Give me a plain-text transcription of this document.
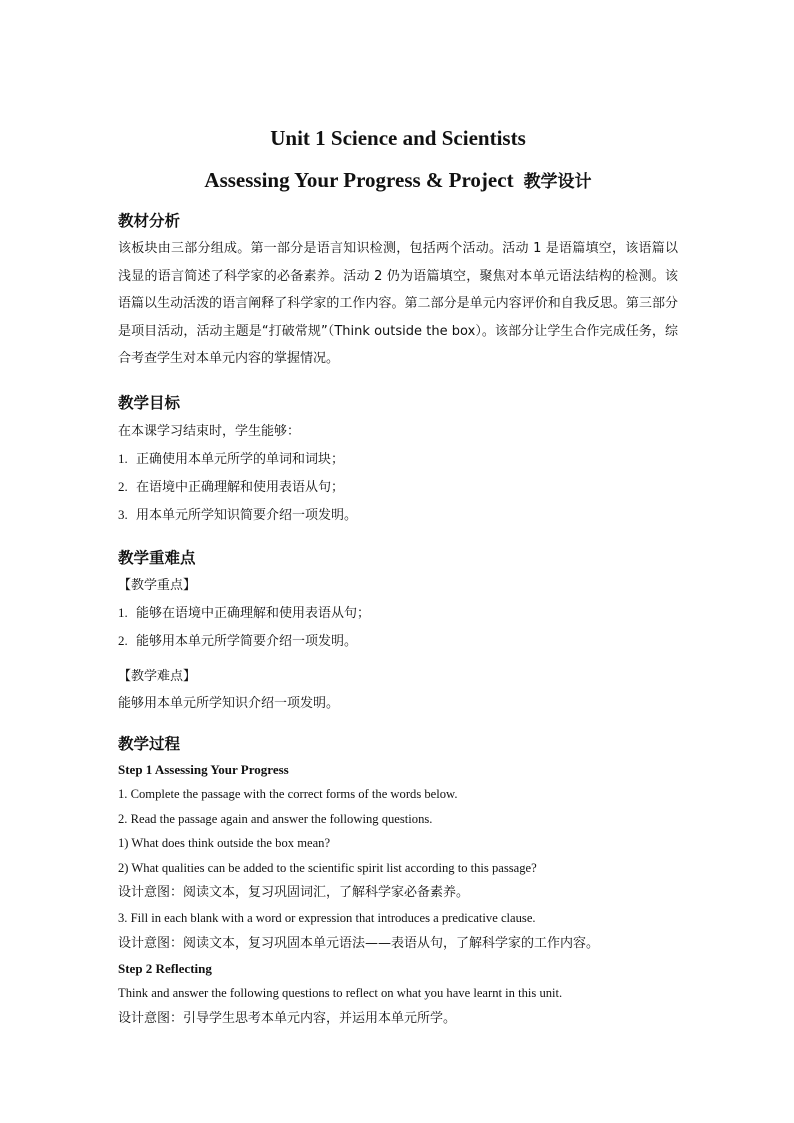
Unit 1 Science and Scientists

Assessing Your Progress & Project 教学设计

教材分析

该板块由三部分组成。第一部分是语言知识检测，包括两个活动。活动 1 是语篇填空，该语篇以浅显的语言简述了科学家的必备素养。活动 2 仍为语篇填空，聚焦对本单元语法结构的检测。该语篇以生动活泼的语言阐释了科学家的工作内容。第二部分是单元内容评价和自我反思。第三部分是项目活动，活动主题是“打破常规”（Think outside the box）。该部分让学生合作完成任务，综合考查学生对本单元内容的掌握情况。

教学目标

在本课学习结束时，学生能够：

1. 正确使用本单元所学的单词和词块；

2. 在语境中正确理解和使用表语从句；

3. 用本单元所学知识简要介绍一项发明。

教学重难点

【教学重点】

1. 能够在语境中正确理解和使用表语从句；

2. 能够用本单元所学简要介绍一项发明。

【教学难点】

能够用本单元所学知识介绍一项发明。

教学过程

Step 1 Assessing Your Progress

1. Complete the passage with the correct forms of the words below.

2. Read the passage again and answer the following questions.

1) What does think outside the box mean?

2) What qualities can be added to the scientific spirit list according to this passage?

设计意图：阅读文本，复习巩固词汇，了解科学家必备素养。

3. Fill in each blank with a word or expression that introduces a predicative clause.

设计意图：阅读文本，复习巩固本单元语法——表语从句，了解科学家的工作内容。

Step 2 Reflecting

Think and answer the following questions to reflect on what you have learnt in this unit.

设计意图：引导学生思考本单元内容，并运用本单元所学。
